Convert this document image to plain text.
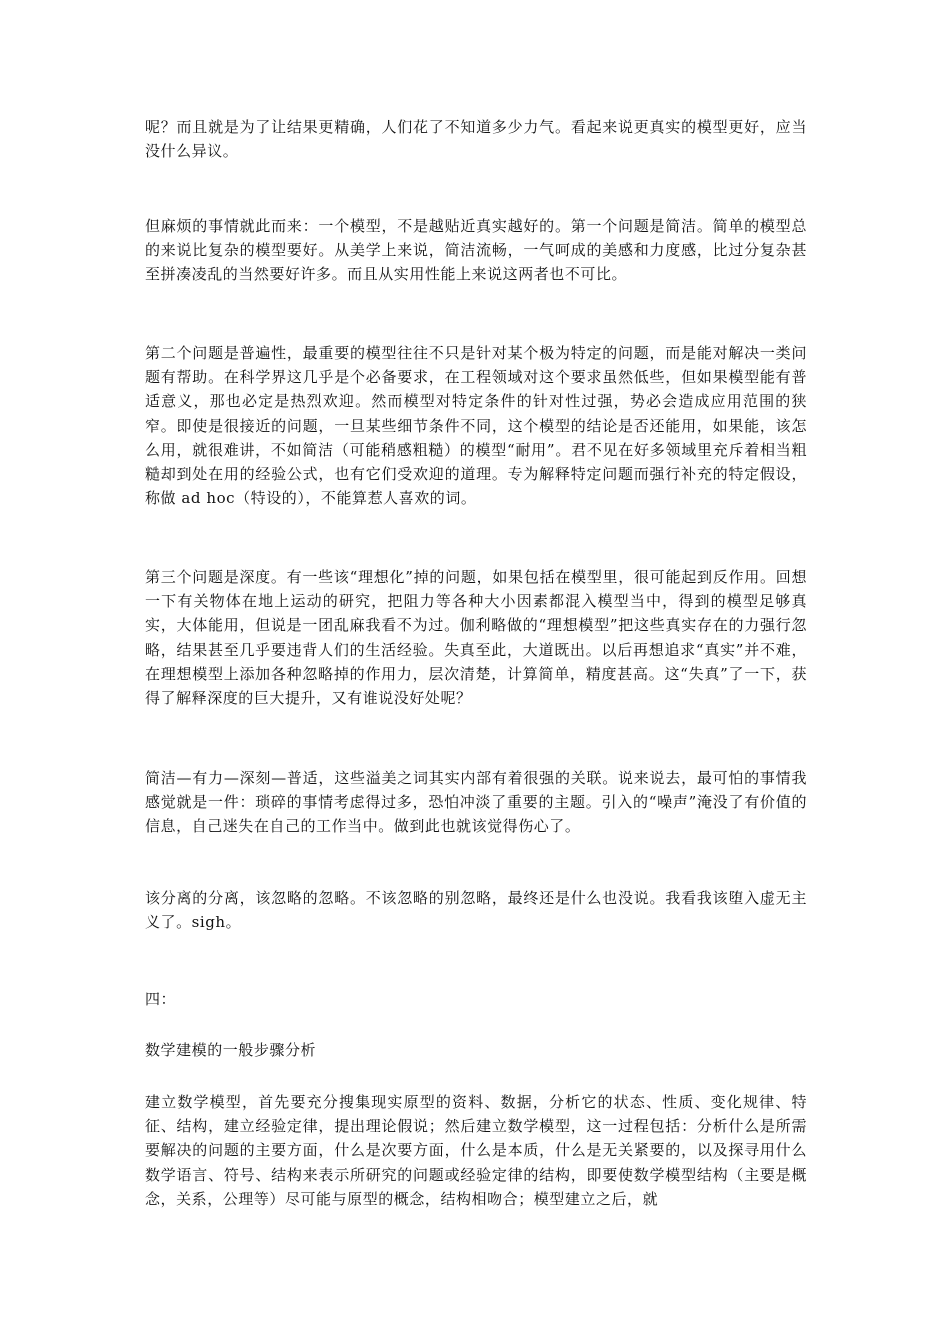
呢？而且就是为了让结果更精确，人们花了不知道多少力气。看起来说更真实的模型更好，应当没什么异议。

但麻烦的事情就此而来：一个模型，不是越贴近真实越好的。第一个问题是简洁。简单的模型总的来说比复杂的模型要好。从美学上来说，简洁流畅，一气呵成的美感和力度感，比过分复杂甚至拼凑凌乱的当然要好许多。而且从实用性能上来说这两者也不可比。

第二个问题是普遍性，最重要的模型往往不只是针对某个极为特定的问题，而是能对解决一类问题有帮助。在科学界这几乎是个必备要求，在工程领域对这个要求虽然低些，但如果模型能有普适意义，那也必定是热烈欢迎。然而模型对特定条件的针对性过强，势必会造成应用范围的狭窄。即使是很接近的问题，一旦某些细节条件不同，这个模型的结论是否还能用，如果能，该怎么用，就很难讲，不如简洁（可能稍感粗糙）的模型“耐用”。君不见在好多领域里充斥着相当粗糙却到处在用的经验公式，也有它们受欢迎的道理。专为解释特定问题而强行补充的特定假设，称做 ad hoc（特设的），不能算惹人喜欢的词。

第三个问题是深度。有一些该“理想化”掉的问题，如果包括在模型里，很可能起到反作用。回想一下有关物体在地上运动的研究，把阻力等各种大小因素都混入模型当中，得到的模型足够真实，大体能用，但说是一团乱麻我看不为过。伽利略做的“理想模型”把这些真实存在的力强行忽略，结果甚至几乎要违背人们的生活经验。失真至此，大道既出。以后再想追求“真实”并不难，在理想模型上添加各种忽略掉的作用力，层次清楚，计算简单，精度甚高。这“失真”了一下，获得了解释深度的巨大提升，又有谁说没好处呢？

简洁—有力—深刻—普适，这些溢美之词其实内部有着很强的关联。说来说去，最可怕的事情我感觉就是一件：琐碎的事情考虑得过多，恐怕冲淡了重要的主题。引入的“噪声”淹没了有价值的信息，自己迷失在自己的工作当中。做到此也就该觉得伤心了。

该分离的分离，该忽略的忽略。不该忽略的别忽略，最终还是什么也没说。我看我该堕入虚无主义了。sigh。

四：

数学建模的一般步骤分析

建立数学模型，首先要充分搜集现实原型的资料、数据，分析它的状态、性质、变化规律、特征、结构，建立经验定律，提出理论假说；然后建立数学模型，这一过程包括：分析什么是所需要解决的问题的主要方面，什么是次要方面，什么是本质，什么是无关紧要的，以及探寻用什么数学语言、符号、结构来表示所研究的问题或经验定律的结构，即要使数学模型结构（主要是概念，关系，公理等）尽可能与原型的概念，结构相吻合；模型建立之后，就
